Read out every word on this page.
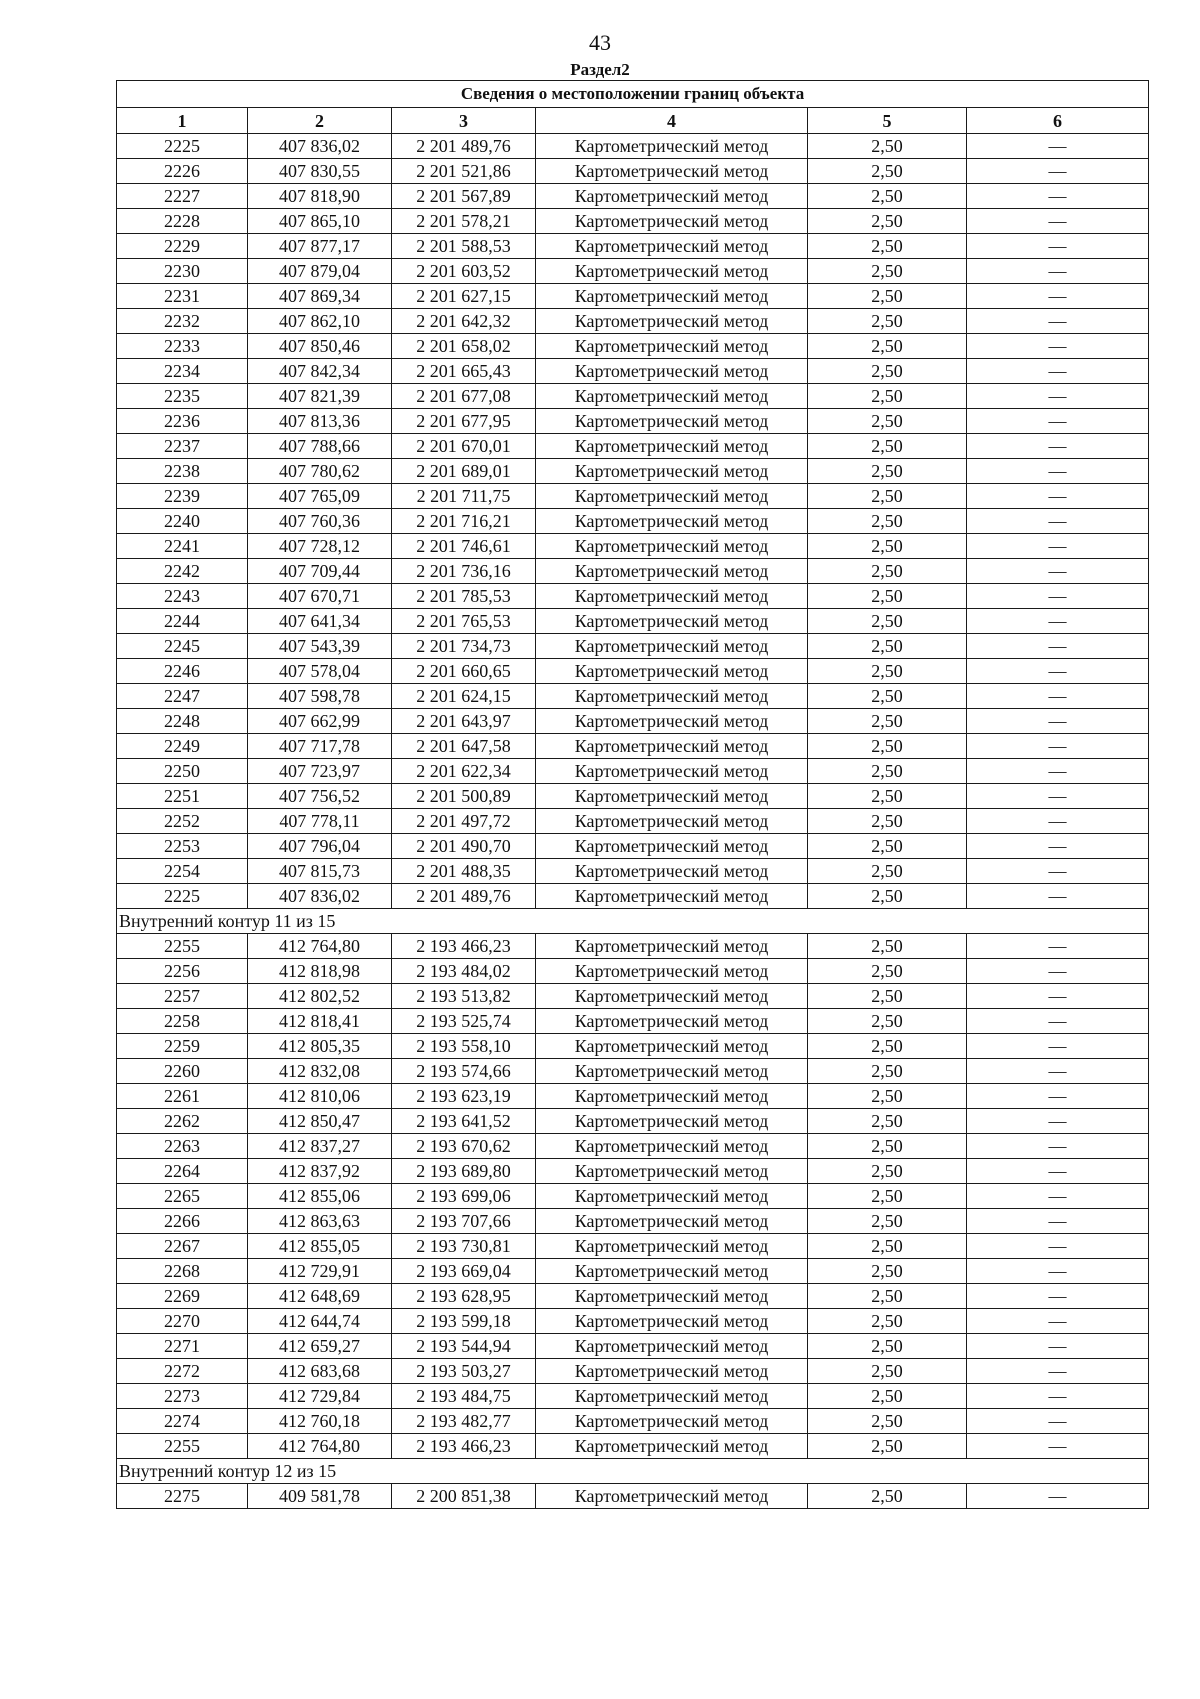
43
Раздел2
Сведения о местоположении границ объекта					
1	2	3	4	5	6
2225	407 836,02	2 201 489,76	Картометрический метод	2,50	—
2226	407 830,55	2 201 521,86	Картометрический метод	2,50	—
2227	407 818,90	2 201 567,89	Картометрический метод	2,50	—
2228	407 865,10	2 201 578,21	Картометрический метод	2,50	—
2229	407 877,17	2 201 588,53	Картометрический метод	2,50	—
2230	407 879,04	2 201 603,52	Картометрический метод	2,50	—
2231	407 869,34	2 201 627,15	Картометрический метод	2,50	—
2232	407 862,10	2 201 642,32	Картометрический метод	2,50	—
2233	407 850,46	2 201 658,02	Картометрический метод	2,50	—
2234	407 842,34	2 201 665,43	Картометрический метод	2,50	—
2235	407 821,39	2 201 677,08	Картометрический метод	2,50	—
2236	407 813,36	2 201 677,95	Картометрический метод	2,50	—
2237	407 788,66	2 201 670,01	Картометрический метод	2,50	—
2238	407 780,62	2 201 689,01	Картометрический метод	2,50	—
2239	407 765,09	2 201 711,75	Картометрический метод	2,50	—
2240	407 760,36	2 201 716,21	Картометрический метод	2,50	—
2241	407 728,12	2 201 746,61	Картометрический метод	2,50	—
2242	407 709,44	2 201 736,16	Картометрический метод	2,50	—
2243	407 670,71	2 201 785,53	Картометрический метод	2,50	—
2244	407 641,34	2 201 765,53	Картометрический метод	2,50	—
2245	407 543,39	2 201 734,73	Картометрический метод	2,50	—
2246	407 578,04	2 201 660,65	Картометрический метод	2,50	—
2247	407 598,78	2 201 624,15	Картометрический метод	2,50	—
2248	407 662,99	2 201 643,97	Картометрический метод	2,50	—
2249	407 717,78	2 201 647,58	Картометрический метод	2,50	—
2250	407 723,97	2 201 622,34	Картометрический метод	2,50	—
2251	407 756,52	2 201 500,89	Картометрический метод	2,50	—
2252	407 778,11	2 201 497,72	Картометрический метод	2,50	—
2253	407 796,04	2 201 490,70	Картометрический метод	2,50	—
2254	407 815,73	2 201 488,35	Картометрический метод	2,50	—
2225	407 836,02	2 201 489,76	Картометрический метод	2,50	—
Внутренний контур 11 из 15					
2255	412 764,80	2 193 466,23	Картометрический метод	2,50	—
2256	412 818,98	2 193 484,02	Картометрический метод	2,50	—
2257	412 802,52	2 193 513,82	Картометрический метод	2,50	—
2258	412 818,41	2 193 525,74	Картометрический метод	2,50	—
2259	412 805,35	2 193 558,10	Картометрический метод	2,50	—
2260	412 832,08	2 193 574,66	Картометрический метод	2,50	—
2261	412 810,06	2 193 623,19	Картометрический метод	2,50	—
2262	412 850,47	2 193 641,52	Картометрический метод	2,50	—
2263	412 837,27	2 193 670,62	Картометрический метод	2,50	—
2264	412 837,92	2 193 689,80	Картометрический метод	2,50	—
2265	412 855,06	2 193 699,06	Картометрический метод	2,50	—
2266	412 863,63	2 193 707,66	Картометрический метод	2,50	—
2267	412 855,05	2 193 730,81	Картометрический метод	2,50	—
2268	412 729,91	2 193 669,04	Картометрический метод	2,50	—
2269	412 648,69	2 193 628,95	Картометрический метод	2,50	—
2270	412 644,74	2 193 599,18	Картометрический метод	2,50	—
2271	412 659,27	2 193 544,94	Картометрический метод	2,50	—
2272	412 683,68	2 193 503,27	Картометрический метод	2,50	—
2273	412 729,84	2 193 484,75	Картометрический метод	2,50	—
2274	412 760,18	2 193 482,77	Картометрический метод	2,50	—
2255	412 764,80	2 193 466,23	Картометрический метод	2,50	—
Внутренний контур 12 из 15					
2275	409 581,78	2 200 851,38	Картометрический метод	2,50	—
